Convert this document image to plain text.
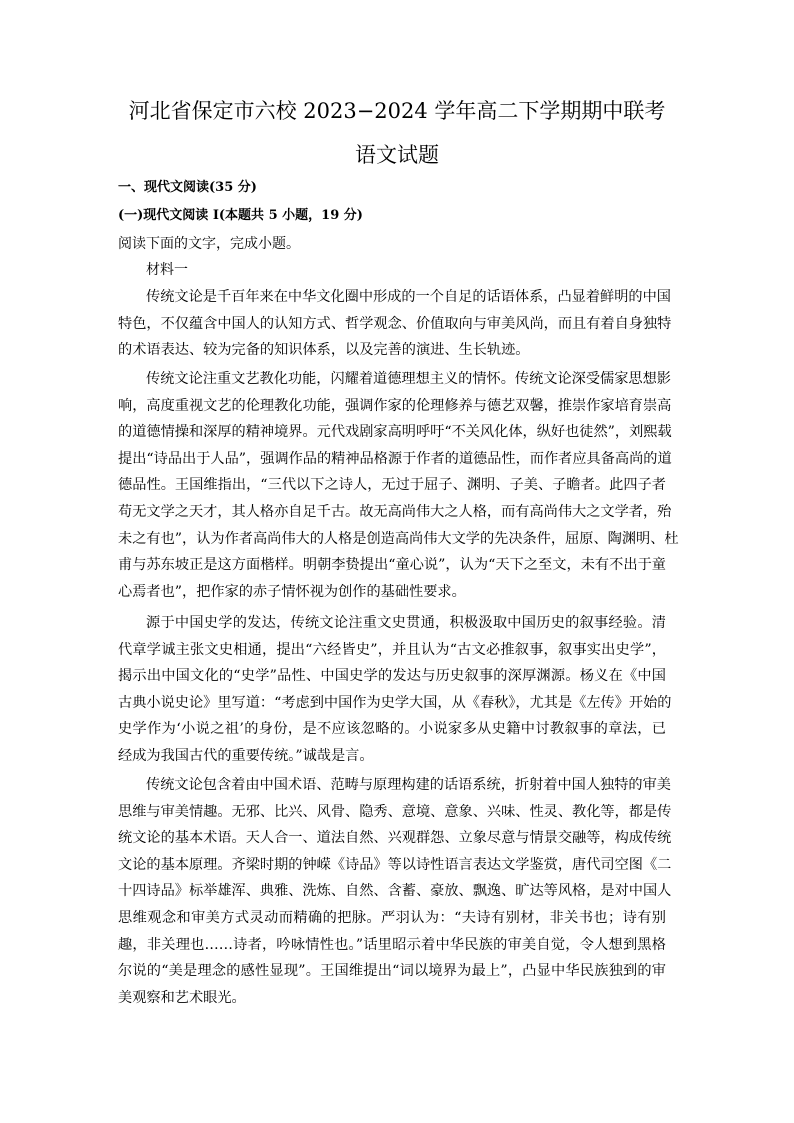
河北省保定市六校 2023−2024 学年高二下学期期中联考
语文试题
一、现代文阅读(35 分)
(一)现代文阅读 I(本题共 5 小题，19 分)
阅读下面的文字，完成小题。
材料一
传统文论是千百年来在中华文化圈中形成的一个自足的话语体系，凸显着鲜明的中国
特色，不仅蕴含中国人的认知方式、哲学观念、价值取向与审美风尚，而且有着自身独特
的术语表达、较为完备的知识体系，以及完善的演进、生长轨迹。
传统文论注重文艺教化功能，闪耀着道德理想主义的情怀。传统文论深受儒家思想影
响，高度重视文艺的伦理教化功能，强调作家的伦理修养与德艺双馨，推崇作家培育崇高
的道德情操和深厚的精神境界。元代戏剧家高明呼吁“不关风化体，纵好也徒然”，刘熙载
提出“诗品出于人品”，强调作品的精神品格源于作者的道德品性，而作者应具备高尚的道
德品性。王国维指出，“三代以下之诗人，无过于屈子、渊明、子美、子瞻者。此四子者
苟无文学之天才，其人格亦自足千古。故无高尚伟大之人格，而有高尚伟大之文学者，殆
未之有也”，认为作者高尚伟大的人格是创造高尚伟大文学的先决条件，屈原、陶渊明、杜
甫与苏东坡正是这方面楷样。明朝李贽提出“童心说”，认为“天下之至文，未有不出于童
心焉者也”，把作家的赤子情怀视为创作的基础性要求。
源于中国史学的发达，传统文论注重文史贯通，积极汲取中国历史的叙事经验。清
代章学诚主张文史相通，提出“六经皆史”，并且认为“古文必推叙事，叙事实出史学”，
揭示出中国文化的“史学”品性、中国史学的发达与历史叙事的深厚渊源。杨义在《中国
古典小说史论》里写道：“考虑到中国作为史学大国，从《春秋》，尤其是《左传》开始的
史学作为‘小说之祖’的身份，是不应该忽略的。小说家多从史籍中讨教叙事的章法，已
经成为我国古代的重要传统。”诚哉是言。
传统文论包含着由中国术语、范畴与原理构建的话语系统，折射着中国人独特的审美
思维与审美情趣。无邪、比兴、风骨、隐秀、意境、意象、兴味、性灵、教化等，都是传
统文论的基本术语。天人合一、道法自然、兴观群怨、立象尽意与情景交融等，构成传统
文论的基本原理。齐梁时期的钟嵘《诗品》等以诗性语言表达文学鉴赏，唐代司空图《二
十四诗品》标举雄浑、典雅、洗炼、自然、含蓄、豪放、飘逸、旷达等风格，是对中国人
思维观念和审美方式灵动而精确的把脉。严羽认为：“夫诗有别材，非关书也；诗有别
趣，非关理也……诗者，吟咏情性也。”话里昭示着中华民族的审美自觉，令人想到黑格
尔说的“美是理念的感性显现”。王国维提出“词以境界为最上”，凸显中华民族独到的审
美观察和艺术眼光。
